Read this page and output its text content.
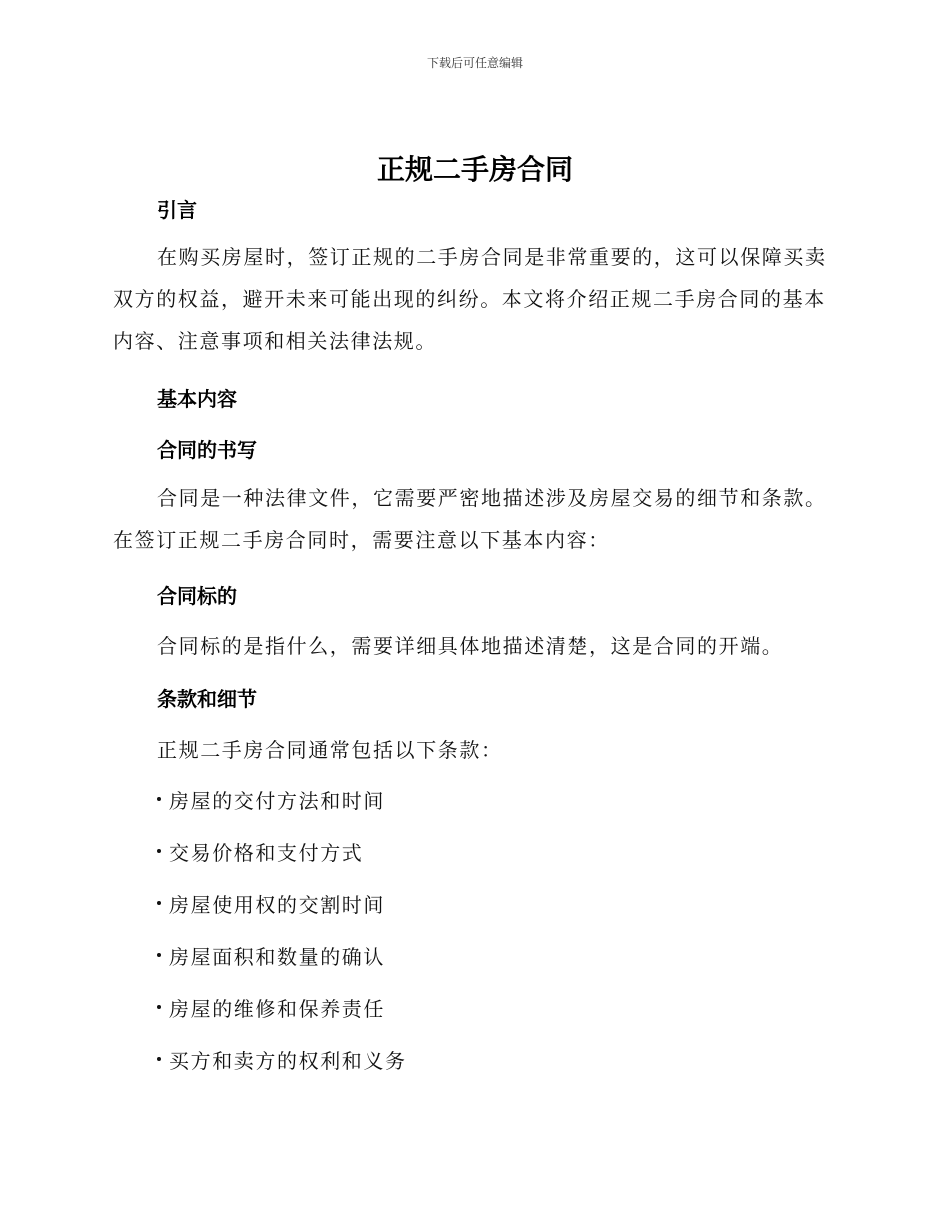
下载后可任意编辑
正规二手房合同
引言

在购买房屋时，签订正规的二手房合同是非常重要的，这可以保障买卖双方的权益，避开未来可能出现的纠纷。本文将介绍正规二手房合同的基本内容、注意事项和相关法律法规。

基本内容
合同的书写

合同是一种法律文件，它需要严密地描述涉及房屋交易的细节和条款。在签订正规二手房合同时，需要注意以下基本内容：

合同标的

合同标的是指什么，需要详细具体地描述清楚，这是合同的开端。

条款和细节

正规二手房合同通常包括以下条款：

房屋的交付方法和时间
交易价格和支付方式
房屋使用权的交割时间
房屋面积和数量的确认
房屋的维修和保养责任
买方和卖方的权利和义务
